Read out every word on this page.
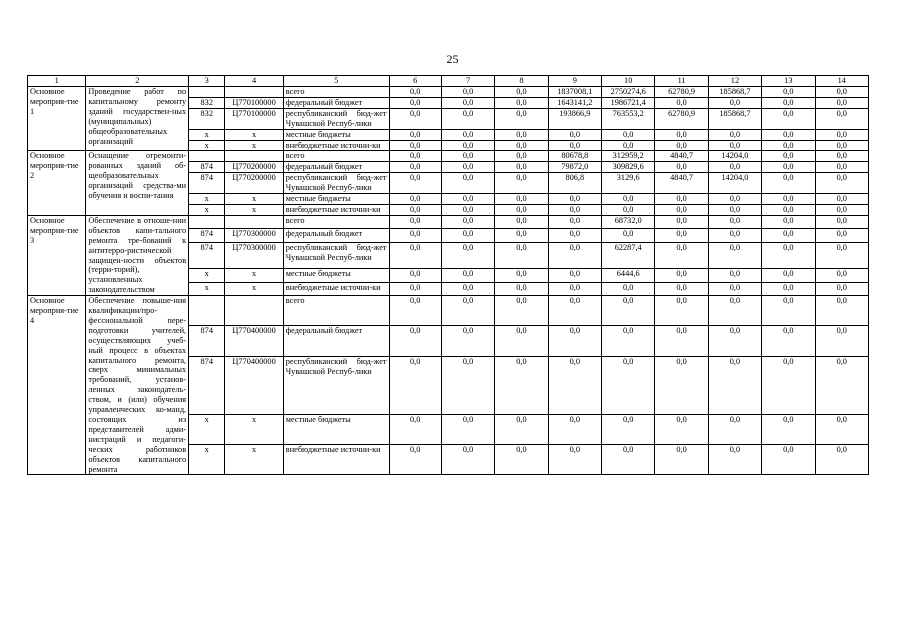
25
1	2	3	4	5	6	7	8	9	10	11	12	13	14
Основное мероприя-тие 1	Проведение работ по капитальному ремонту зданий государствен-ных (муниципальных) общеобразовательных организаций			всего	0,0	0,0	0,0	1837008,1	2750274,6	62780,9	185868,7	0,0	0,0
		832	Ц770100000	федеральный бюджет	0,0	0,0	0,0	1643141,2	1986721,4	0,0	0,0	0,0	0,0
		832	Ц770100000	республиканский бюд-жет Чувашской Респуб-лики	0,0	0,0	0,0	193866,9	763553,2	62780,9	185868,7	0,0	0,0
		x	x	местные бюджеты	0,0	0,0	0,0	0,0	0,0	0,0	0,0	0,0	0,0
		x	x	внебюджетные источни-ки	0,0	0,0	0,0	0,0	0,0	0,0	0,0	0,0	0,0
Основное мероприя-тие 2	Оснащение отремонти-рованных зданий об-щеобразовательных организаций средства-ми обучения и воспи-тания			всего	0,0	0,0	0,0	80678,8	312959,2	4840,7	14204,0	0,0	0,0
		874	Ц770200000	федеральный бюджет	0,0	0,0	0,0	79872,0	309829,6	0,0	0,0	0,0	0,0
		874	Ц770200000	республиканский бюд-жет Чувашской Респуб-лики	0,0	0,0	0,0	806,8	3129,6	4840,7	14204,0	0,0	0,0
		x	x	местные бюджеты	0,0	0,0	0,0	0,0	0,0	0,0	0,0	0,0	0,0
		x	x	внебюджетные источни-ки	0,0	0,0	0,0	0,0	0,0	0,0	0,0	0,0	0,0
Основное мероприя-тие 3	Обеспечение в отноше-нии объектов капи-тального ремонта тре-бований к антитерро-ристической защищен-ности объектов (терри-торий), установленных законодательством			всего	0,0	0,0	0,0	0,0	68732,0	0,0	0,0	0,0	0,0
		874	Ц770300000	федеральный бюджет	0,0	0,0	0,0	0,0	0,0	0,0	0,0	0,0	0,0
		874	Ц770300000	республиканский бюд-жет Чувашской Респуб-лики	0,0	0,0	0,0	0,0	62287,4	0,0	0,0	0,0	0,0
		x	x	местные бюджеты	0,0	0,0	0,0	0,0	6444,6	0,0	0,0	0,0	0,0
		x	x	внебюджетные источни-ки	0,0	0,0	0,0	0,0	0,0	0,0	0,0	0,0	0,0
Основное мероприя-тие 4	Обеспечение повыше-ния квалификации/про-фессиональной пере-подготовки учителей, осуществляющих учеб-ный процесс в объектах капитального ремонта, сверх минимальных требований, установ-ленных законодатель-ством, и (или) обучения управленческих ко-манд, состоящих из представителей адми-нистраций и педагоги-ческих работников объектов капитального ремонта			всего	0,0	0,0	0,0	0,0	0,0	0,0	0,0	0,0	0,0
		874	Ц770400000	федеральный бюджет	0,0	0,0	0,0	0,0	0,0	0,0	0,0	0,0	0,0
		874	Ц770400000	республиканский бюд-жет Чувашской Респуб-лики	0,0	0,0	0,0	0,0	0,0	0,0	0,0	0,0	0,0
		x	x	местные бюджеты	0,0	0,0	0,0	0,0	0,0	0,0	0,0	0,0	0,0
		x	x	внебюджетные источни-ки	0,0	0,0	0,0	0,0	0,0	0,0	0,0	0,0	0,0
